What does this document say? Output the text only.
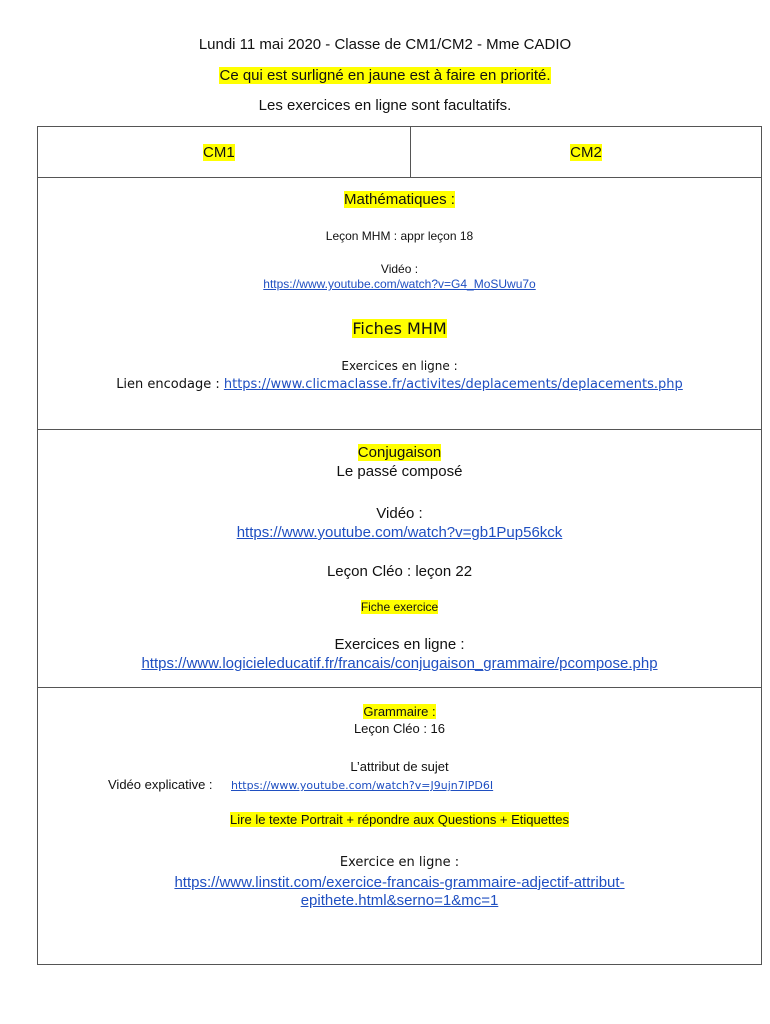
Lundi 11 mai 2020 - Classe de CM1/CM2 - Mme CADIO
Ce qui est surligné en jaune est à faire en priorité.
Les exercices en ligne sont facultatifs.
CM1	CM2
Mathématiques :
Leçon MHM : appr leçon 18
Vidéo :
https://www.youtube.com/watch?v=G4_MoSUwu7o
Fiches MHM
Exercices en ligne :
Lien encodage : https://www.clicmaclasse.fr/activites/deplacements/deplacements.php
Conjugaison
Le passé composé
Vidéo :
https://www.youtube.com/watch?v=gb1Pup56kck
Leçon Cléo : leçon 22
Fiche exercice
Exercices en ligne :
https://www.logicieleducatif.fr/francais/conjugaison_grammaire/pcompose.php
Grammaire :
Leçon Cléo : 16
L’attribut de sujet
Vidéo explicative : https://www.youtube.com/watch?v=J9ujn7lPD6I
Lire le texte Portrait + répondre aux Questions + Etiquettes
Exercice en ligne :
https://www.linstit.com/exercice-francais-grammaire-adjectif-attribut-
epithete.html&serno=1&mc=1
